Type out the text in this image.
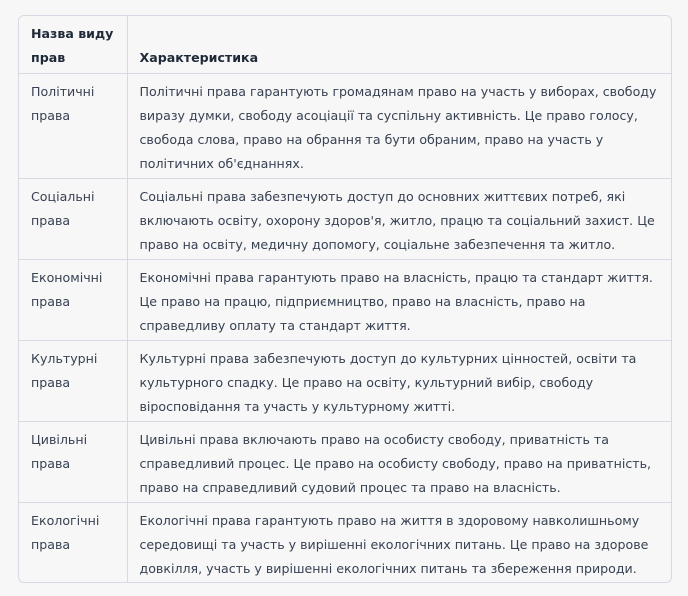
Назва виду прав	Характеристика
Політичні права	Політичні права гарантують громадянам право на участь у виборах, свободу виразу думки, свободу асоціації та суспільну активність. Це право голосу, свобода слова, право на обрання та бути обраним, право на участь у політичних об'єднаннях.
Соціальні права	Соціальні права забезпечують доступ до основних життєвих потреб, які включають освіту, охорону здоров'я, житло, працю та соціальний захист. Це право на освіту, медичну допомогу, соціальне забезпечення та житло.
Економічні права	Економічні права гарантують право на власність, працю та стандарт життя. Це право на працю, підприємництво, право на власність, право на справедливу оплату та стандарт життя.
Культурні права	Культурні права забезпечують доступ до культурних цінностей, освіти та культурного спадку. Це право на освіту, культурний вибір, свободу віросповідання та участь у культурному житті.
Цивільні права	Цивільні права включають право на особисту свободу, приватність та справедливий процес. Це право на особисту свободу, право на приватність, право на справедливий судовий процес та право на власність.
Екологічні права	Екологічні права гарантують право на життя в здоровому навколишньому середовищі та участь у вирішенні екологічних питань. Це право на здорове довкілля, участь у вирішенні екологічних питань та збереження природи.
